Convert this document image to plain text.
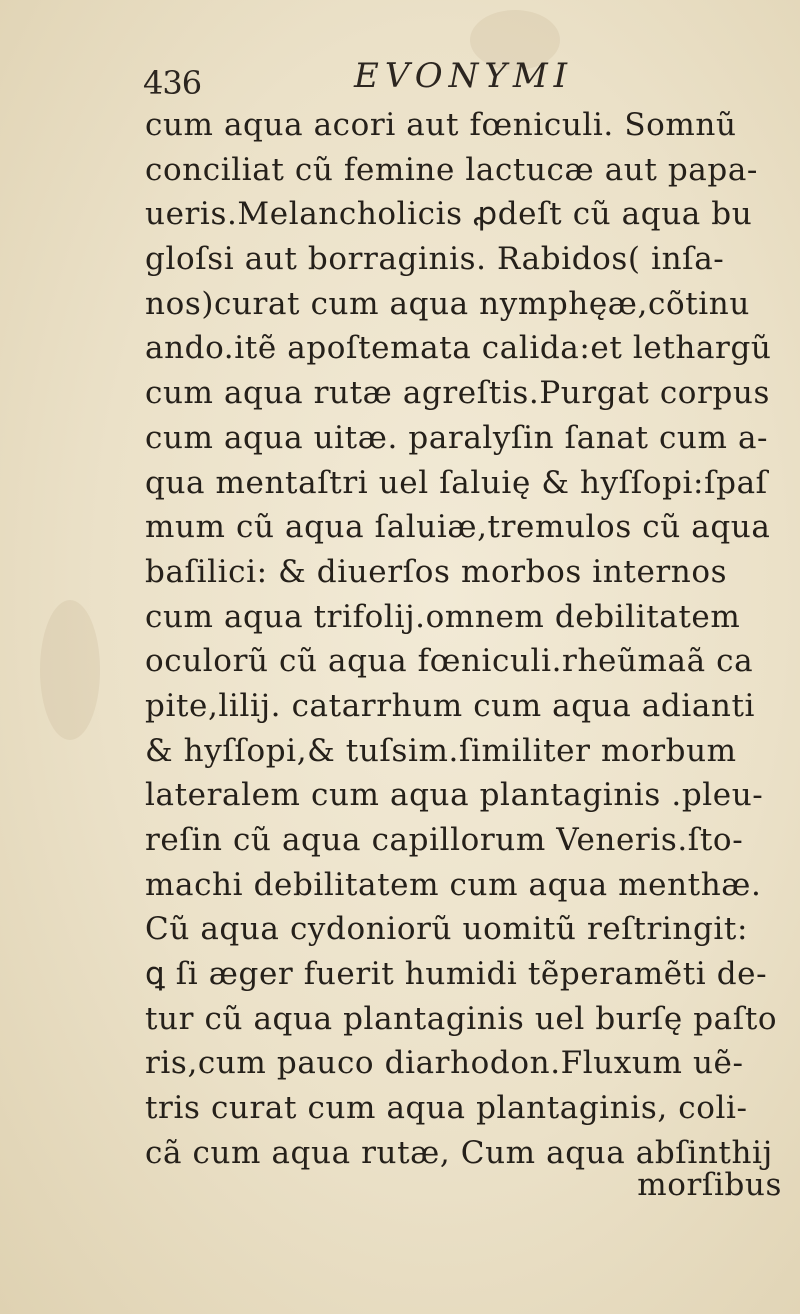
436	EVONYMI
cum aqua acori aut fœniculi. Somnũ
conciliat cũ femine lactucæ aut papa-
ueris.Melancholicis ꝓdeſt cũ aqua bu
gloſsi aut borraginis. Rabidos( inſa-
nos)curat cum aqua nymphęæ,cõtinu
ando.itẽ apoſtemata calida:et lethargũ
cum aqua rutæ agreſtis.Purgat corpus
cum aqua uitæ. paralyſin ſanat cum a-
qua mentaſtri uel ſaluię & hyſſopi:ſpaſ
mum cũ aqua ſaluiæ,tremulos cũ aqua
baſilici: & diuerſos morbos internos
cum aqua trifolij.omnem debilitatem
oculorũ cũ aqua fœniculi.rheũmaã ca
pite,lilij. catarrhum cum aqua adianti
& hyſſopi,& tuſsim.ſimiliter morbum
lateralem cum aqua plantaginis .pleu-
reſin cũ aqua capillorum Veneris.ſto-
machi debilitatem cum aqua menthæ.
Cũ aqua cydoniorũ uomitũ reſtringit:
ꝗ ſi æger fuerit humidi tẽperamẽti de-
tur cũ aqua plantaginis uel burſę paſto
ris,cum pauco diarhodon.Fluxum uẽ-
tris curat cum aqua plantaginis, coli-
cã cum aqua rutæ, Cum aqua abſinthij
morſibus
